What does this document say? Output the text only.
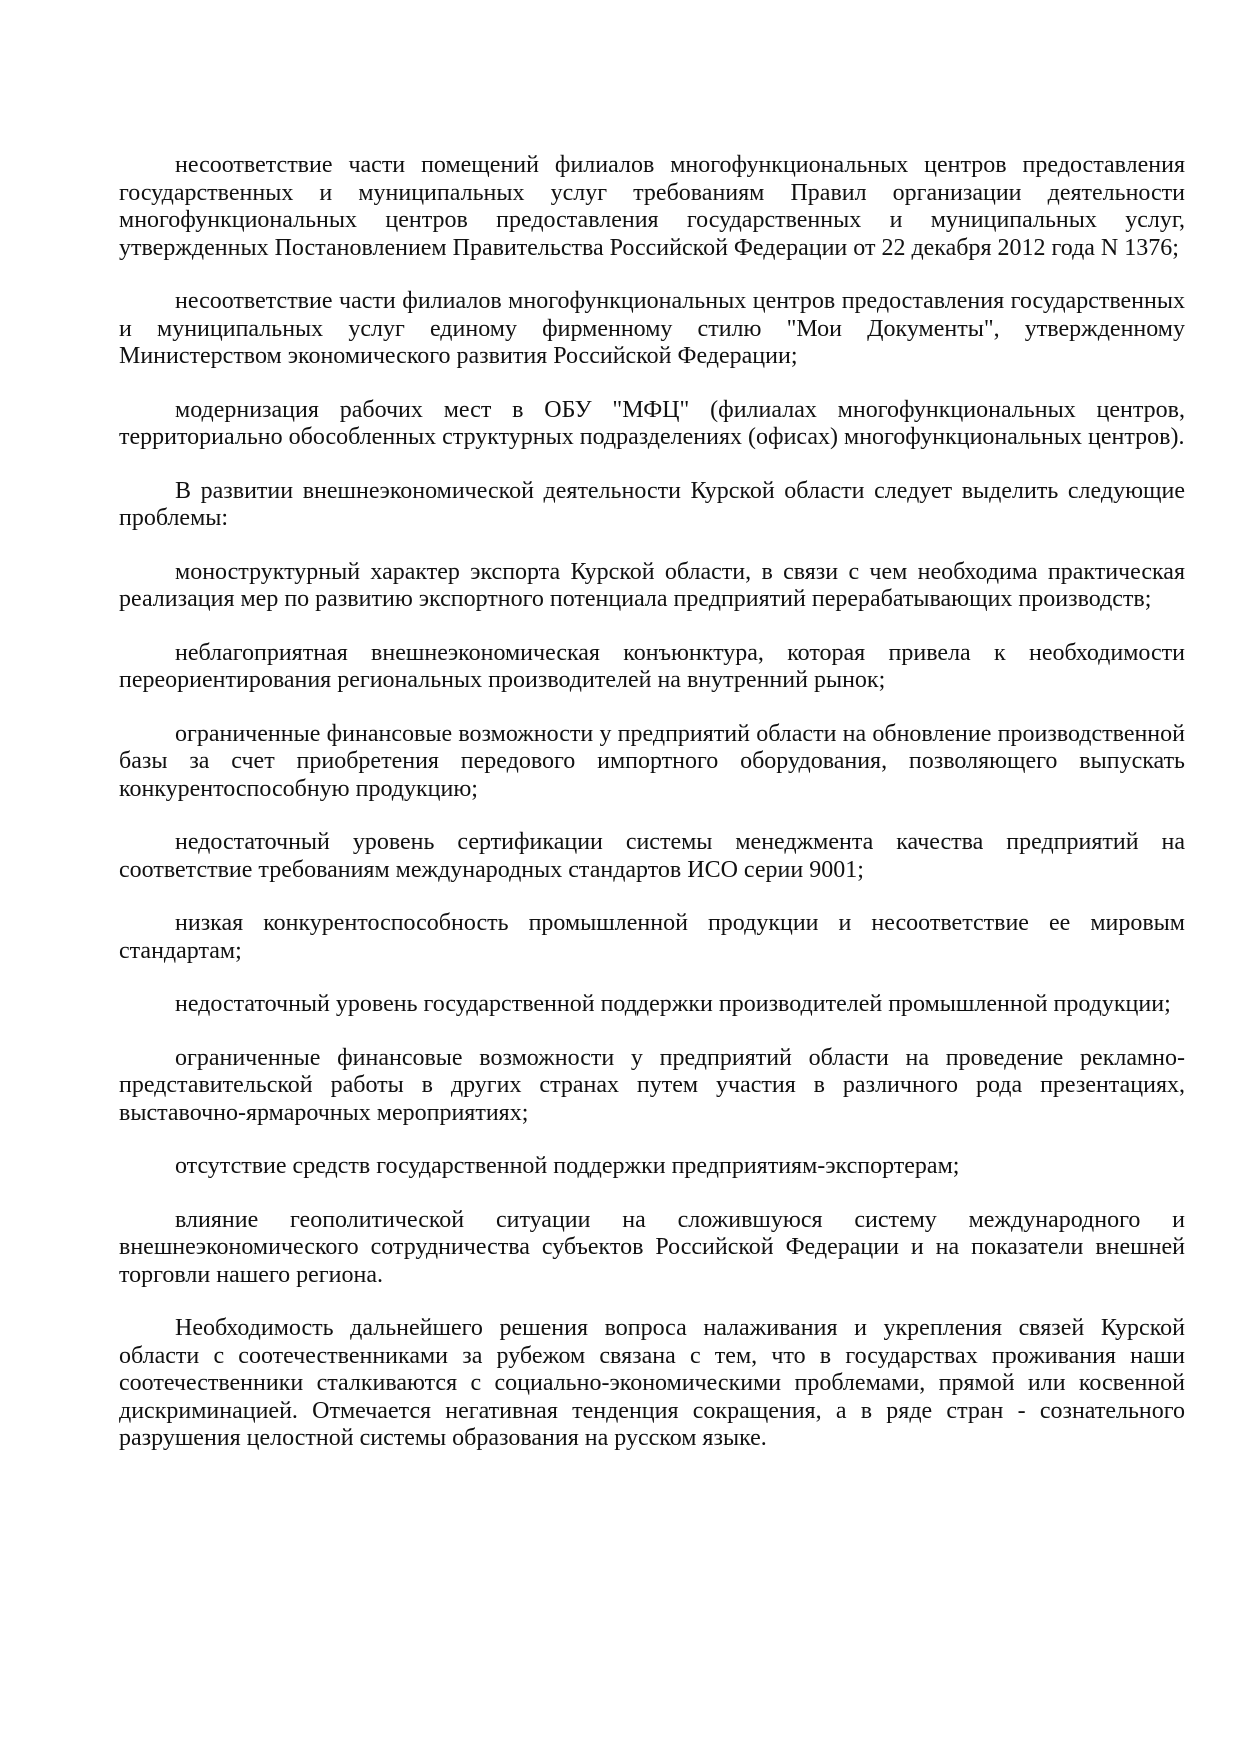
несоответствие части помещений филиалов многофункциональных центров предоставления государственных и муниципальных услуг требованиям Правил организации деятельности многофункциональных центров предоставления государственных и муниципальных услуг, утвержденных Постановлением Правительства Российской Федерации от 22 декабря 2012 года N 1376;

несоответствие части филиалов многофункциональных центров предоставления государственных и муниципальных услуг единому фирменному стилю "Мои Документы", утвержденному Министерством экономического развития Российской Федерации;

модернизация рабочих мест в ОБУ "МФЦ" (филиалах многофункциональных центров, территориально обособленных структурных подразделениях (офисах) многофункциональных центров).

В развитии внешнеэкономической деятельности Курской области следует выделить следующие проблемы:

моноструктурный характер экспорта Курской области, в связи с чем необходима практическая реализация мер по развитию экспортного потенциала предприятий перерабатывающих производств;

неблагоприятная внешнеэкономическая конъюнктура, которая привела к необходимости переориентирования региональных производителей на внутренний рынок;

ограниченные финансовые возможности у предприятий области на обновление производственной базы за счет приобретения передового импортного оборудования, позволяющего выпускать конкурентоспособную продукцию;

недостаточный уровень сертификации системы менеджмента качества предприятий на соответствие требованиям международных стандартов ИСО серии 9001;

низкая конкурентоспособность промышленной продукции и несоответствие ее мировым стандартам;

недостаточный уровень государственной поддержки производителей промышленной продукции;

ограниченные финансовые возможности у предприятий области на проведение рекламно-представительской работы в других странах путем участия в различного рода презентациях, выставочно-ярмарочных мероприятиях;

отсутствие средств государственной поддержки предприятиям-экспортерам;

влияние геополитической ситуации на сложившуюся систему международного и внешнеэкономического сотрудничества субъектов Российской Федерации и на показатели внешней торговли нашего региона.

Необходимость дальнейшего решения вопроса налаживания и укрепления связей Курской области с соотечественниками за рубежом связана с тем, что в государствах проживания наши соотечественники сталкиваются с социально-экономическими проблемами, прямой или косвенной дискриминацией. Отмечается негативная тенденция сокращения, а в ряде стран - сознательного разрушения целостной системы образования на русском языке.
